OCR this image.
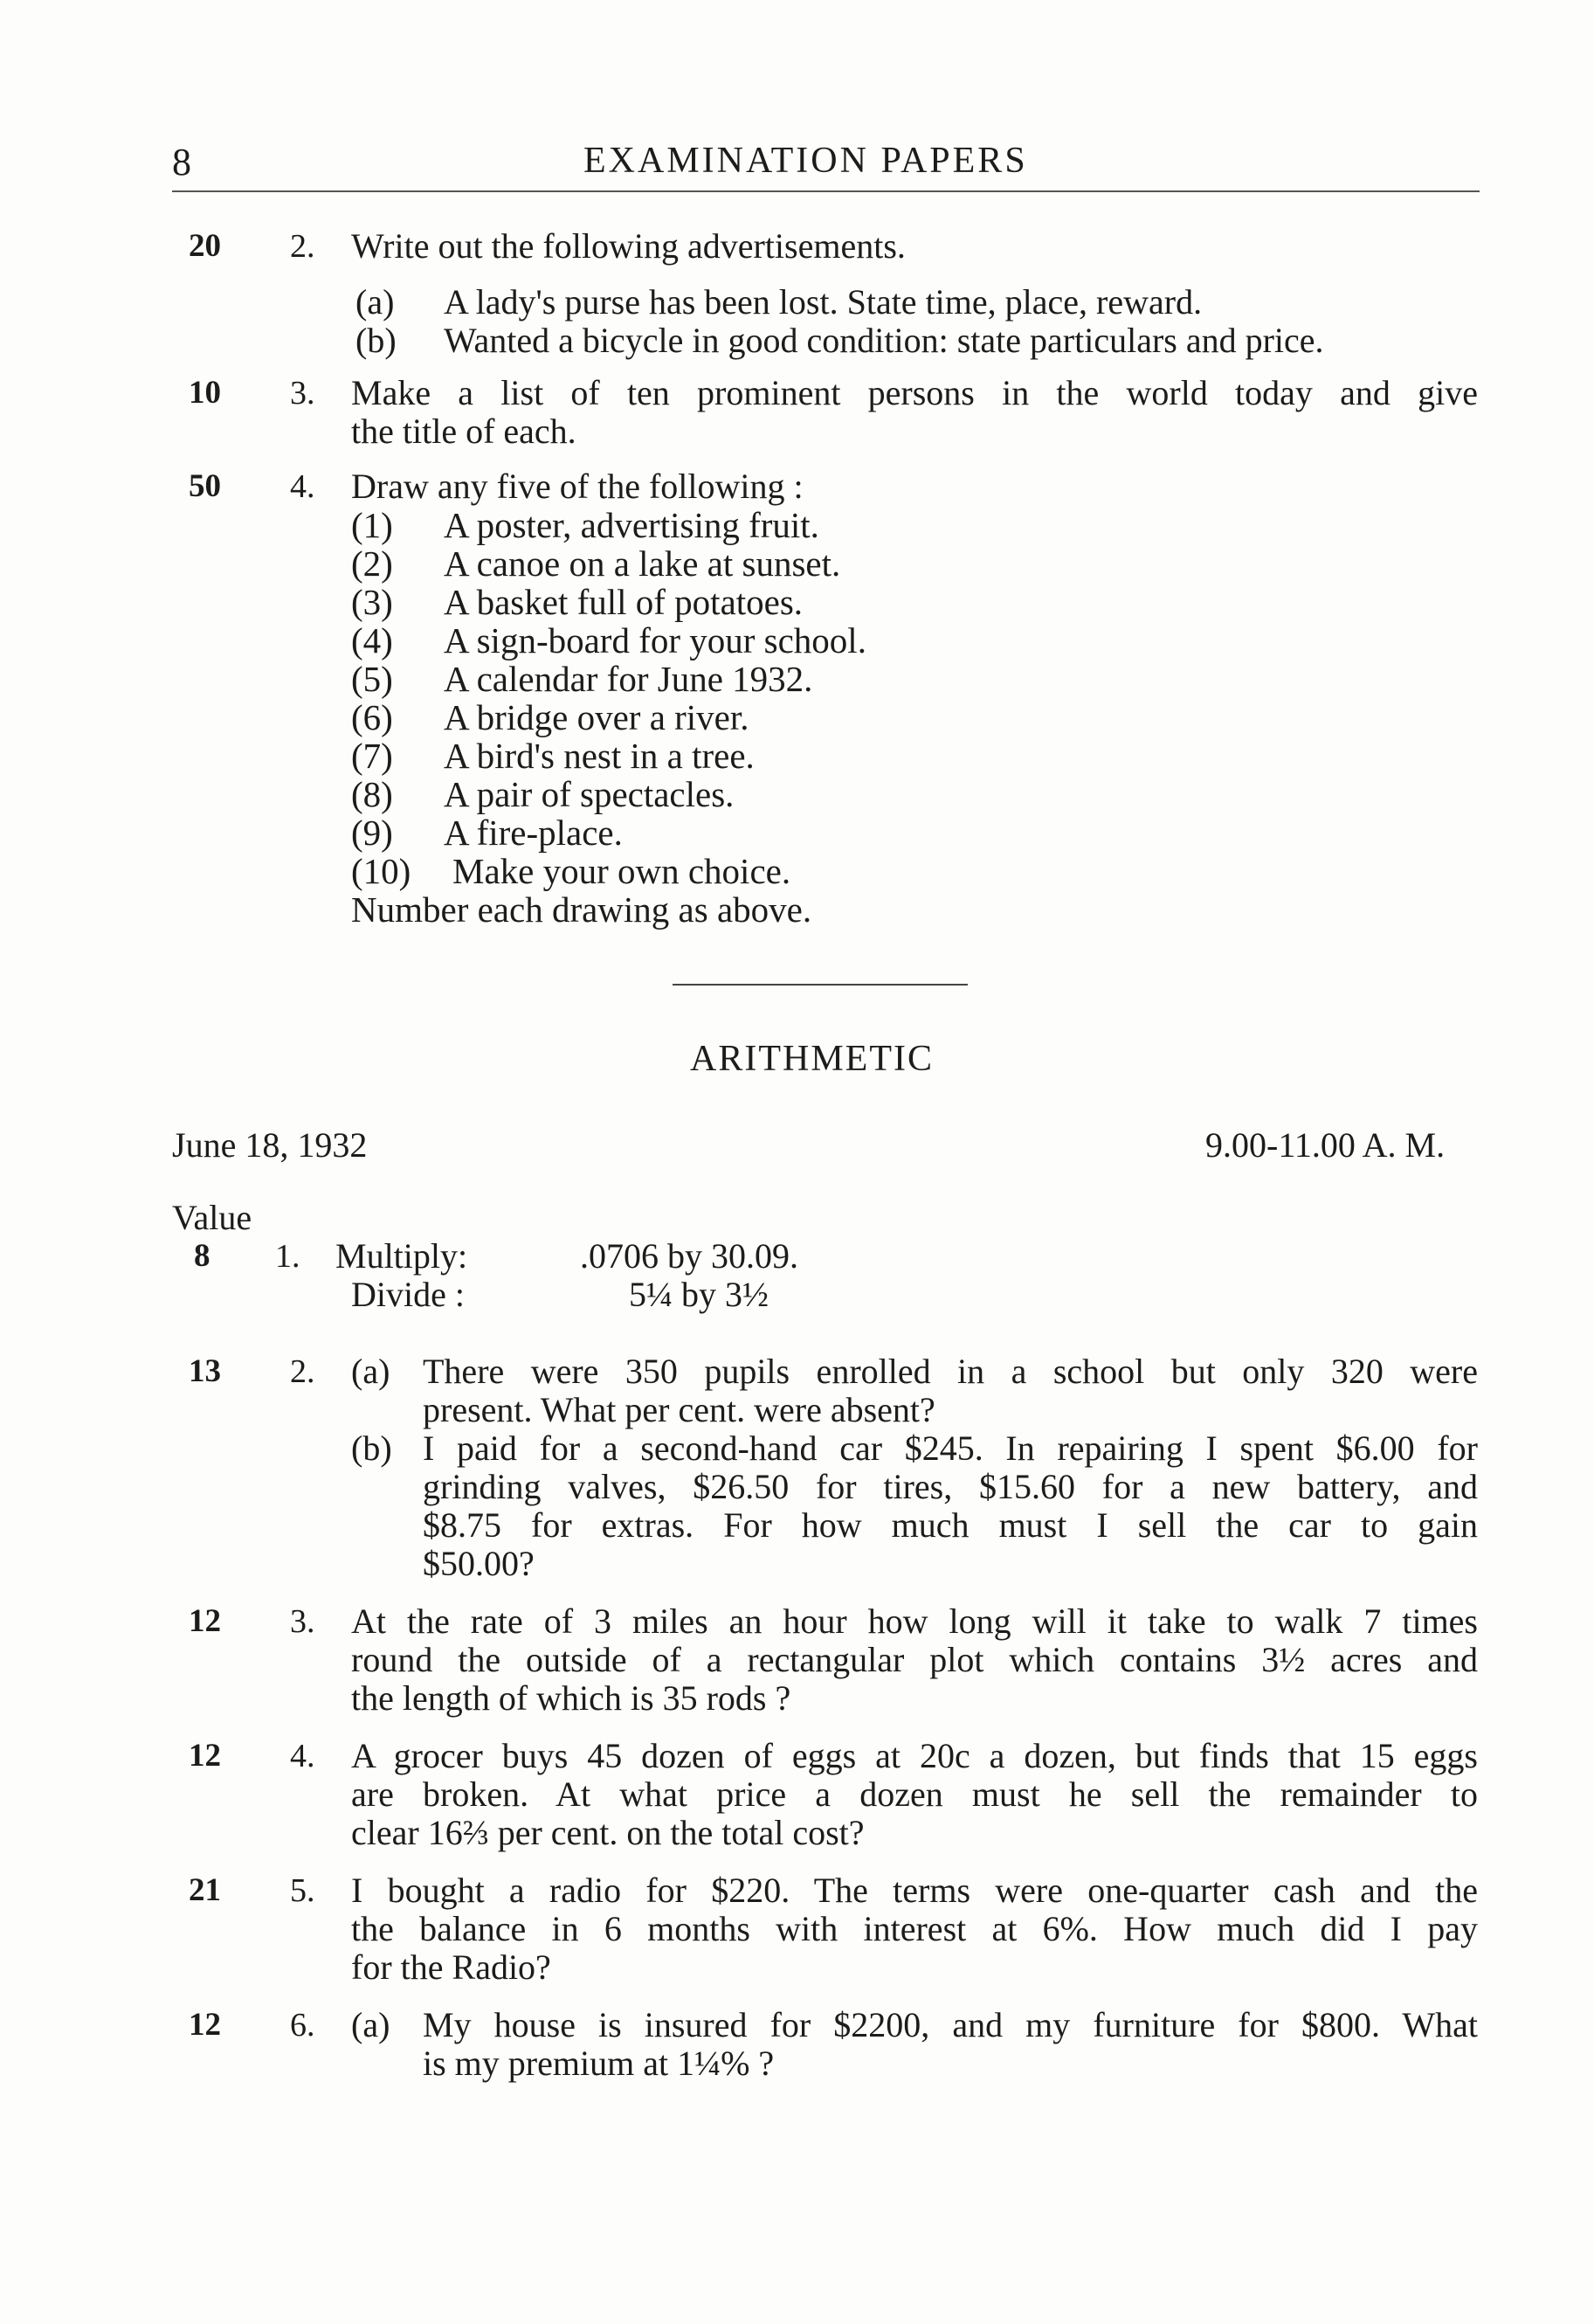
8	EXAMINATION PAPERS
20 2. Write out the following advertisements.
(a) A lady's purse has been lost. State time, place, reward.
(b) Wanted a bicycle in good condition: state particulars and price.
10 3. Make a list of ten prominent persons in the world today and give
the title of each.
50 4. Draw any five of the following :
(1) A poster, advertising fruit.
(2) A canoe on a lake at sunset.
(3) A basket full of potatoes.
(4) A sign-board for your school.
(5) A calendar for June 1932.
(6) A bridge over a river.
(7) A bird's nest in a tree.
(8) A pair of spectacles.
(9) A fire-place.
(10) Make your own choice.
Number each drawing as above.
ARITHMETIC
June 18, 1932	9.00-11.00 A. M.
Value
8 1. Multiply:	.0706 by 30.09.
Divide :	5¼ by 3½
13 2. (a) There were 350 pupils enrolled in a school but only 320 were
present. What per cent. were absent?
(b) I paid for a second-hand car $245. In repairing I spent $6.00 for
grinding valves, $26.50 for tires, $15.60 for a new battery, and
$8.75 for extras. For how much must I sell the car to gain
$50.00?
12 3. At the rate of 3 miles an hour how long will it take to walk 7 times
round the outside of a rectangular plot which contains 3½ acres and
the length of which is 35 rods ?
12 4. A grocer buys 45 dozen of eggs at 20c a dozen, but finds that 15 eggs
are broken. At what price a dozen must he sell the remainder to
clear 16⅔ per cent. on the total cost?
21 5. I bought a radio for $220. The terms were one-quarter cash and the
the balance in 6 months with interest at 6%. How much did I pay
for the Radio?
12 6. (a) My house is insured for $2200, and my furniture for $800. What
is my premium at 1¼% ?
